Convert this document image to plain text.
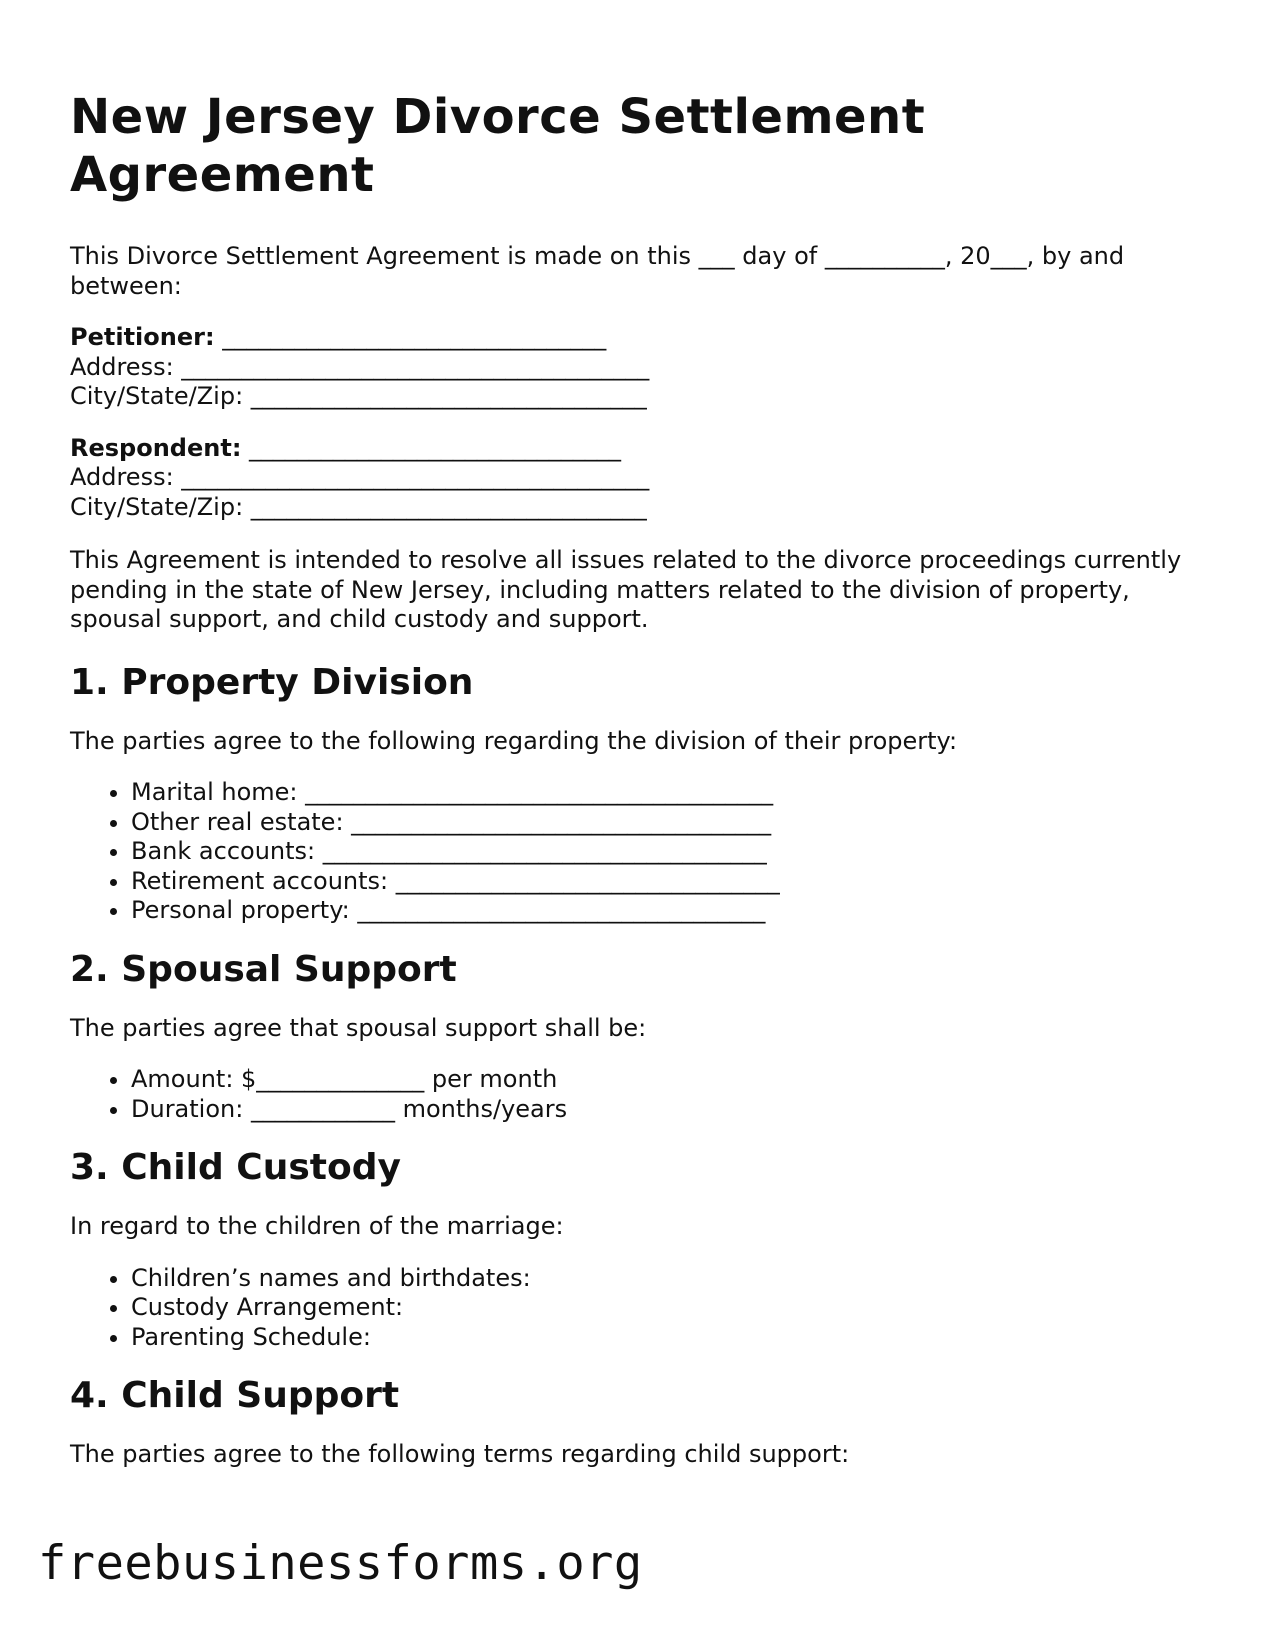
New Jersey Divorce Settlement Agreement

This Divorce Settlement Agreement is made on this ___ day of __________, 20___, by and between:

Petitioner: ________________________________
Address: _______________________________________
City/State/Zip: _________________________________
Respondent: _______________________________
Address: _______________________________________
City/State/Zip: _________________________________

This Agreement is intended to resolve all issues related to the divorce proceedings currently pending in the state of New Jersey, including matters related to the division of property, spousal support, and child custody and support.

1. Property Division

The parties agree to the following regarding the division of their property:

• Marital home: _______________________________________
• Other real estate: ___________________________________
• Bank accounts: _____________________________________
• Retirement accounts: ________________________________
• Personal property: __________________________________
2. Spousal Support

The parties agree that spousal support shall be:

• Amount: $______________ per month
• Duration: ____________ months/years
3. Child Custody

In regard to the children of the marriage:

• Children’s names and birthdates:
• Custody Arrangement:
• Parenting Schedule:
4. Child Support

The parties agree to the following terms regarding child support:

freebusinessforms.org
